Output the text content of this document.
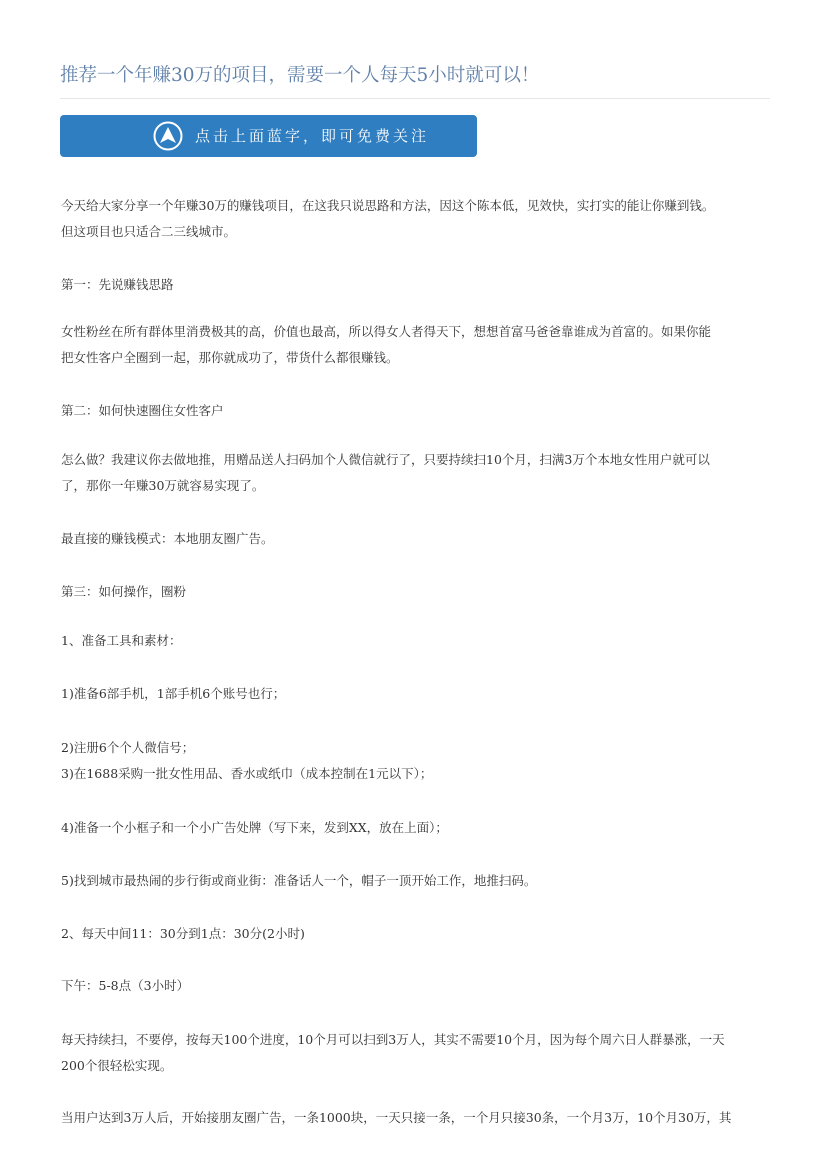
推荐一个年赚30万的项目，需要一个人每天5小时就可以！
点击上面蓝字，即可免费关注
今天给大家分享一个年赚30万的赚钱项目，在这我只说思路和方法，因这个陈本低，见效快，实打实的能让你赚到钱。
但这项目也只适合二三线城市。
第一：先说赚钱思路
女性粉丝在所有群体里消费极其的高，价值也最高，所以得女人者得天下，想想首富马爸爸靠谁成为首富的。如果你能
把女性客户全圈到一起，那你就成功了，带货什么都很赚钱。
第二：如何快速圈住女性客户
怎么做？我建议你去做地推，用赠品送人扫码加个人微信就行了，只要持续扫10个月，扫满3万个本地女性用户就可以
了，那你一年赚30万就容易实现了。
最直接的赚钱模式：本地朋友圈广告。
第三：如何操作，圈粉
1、准备工具和素材：
1)准备6部手机，1部手机6个账号也行；
2)注册6个个人微信号；
3)在1688采购一批女性用品、香水或纸巾（成本控制在1元以下）；
4)准备一个小框子和一个小广告处牌（写下来，发到XX，放在上面）；
5)找到城市最热闹的步行街或商业街：准备话人一个，帽子一顶开始工作，地推扫码。
2、每天中间11：30分到1点：30分(2小时)
下午：5-8点（3小时）
每天持续扫，不要停，按每天100个进度，10个月可以扫到3万人，其实不需要10个月，因为每个周六日人群暴涨，一天
200个很轻松实现。
当用户达到3万人后，开始接朋友圈广告，一条1000块，一天只接一条，一个月只接30条，一个月3万，10个月30万，其
